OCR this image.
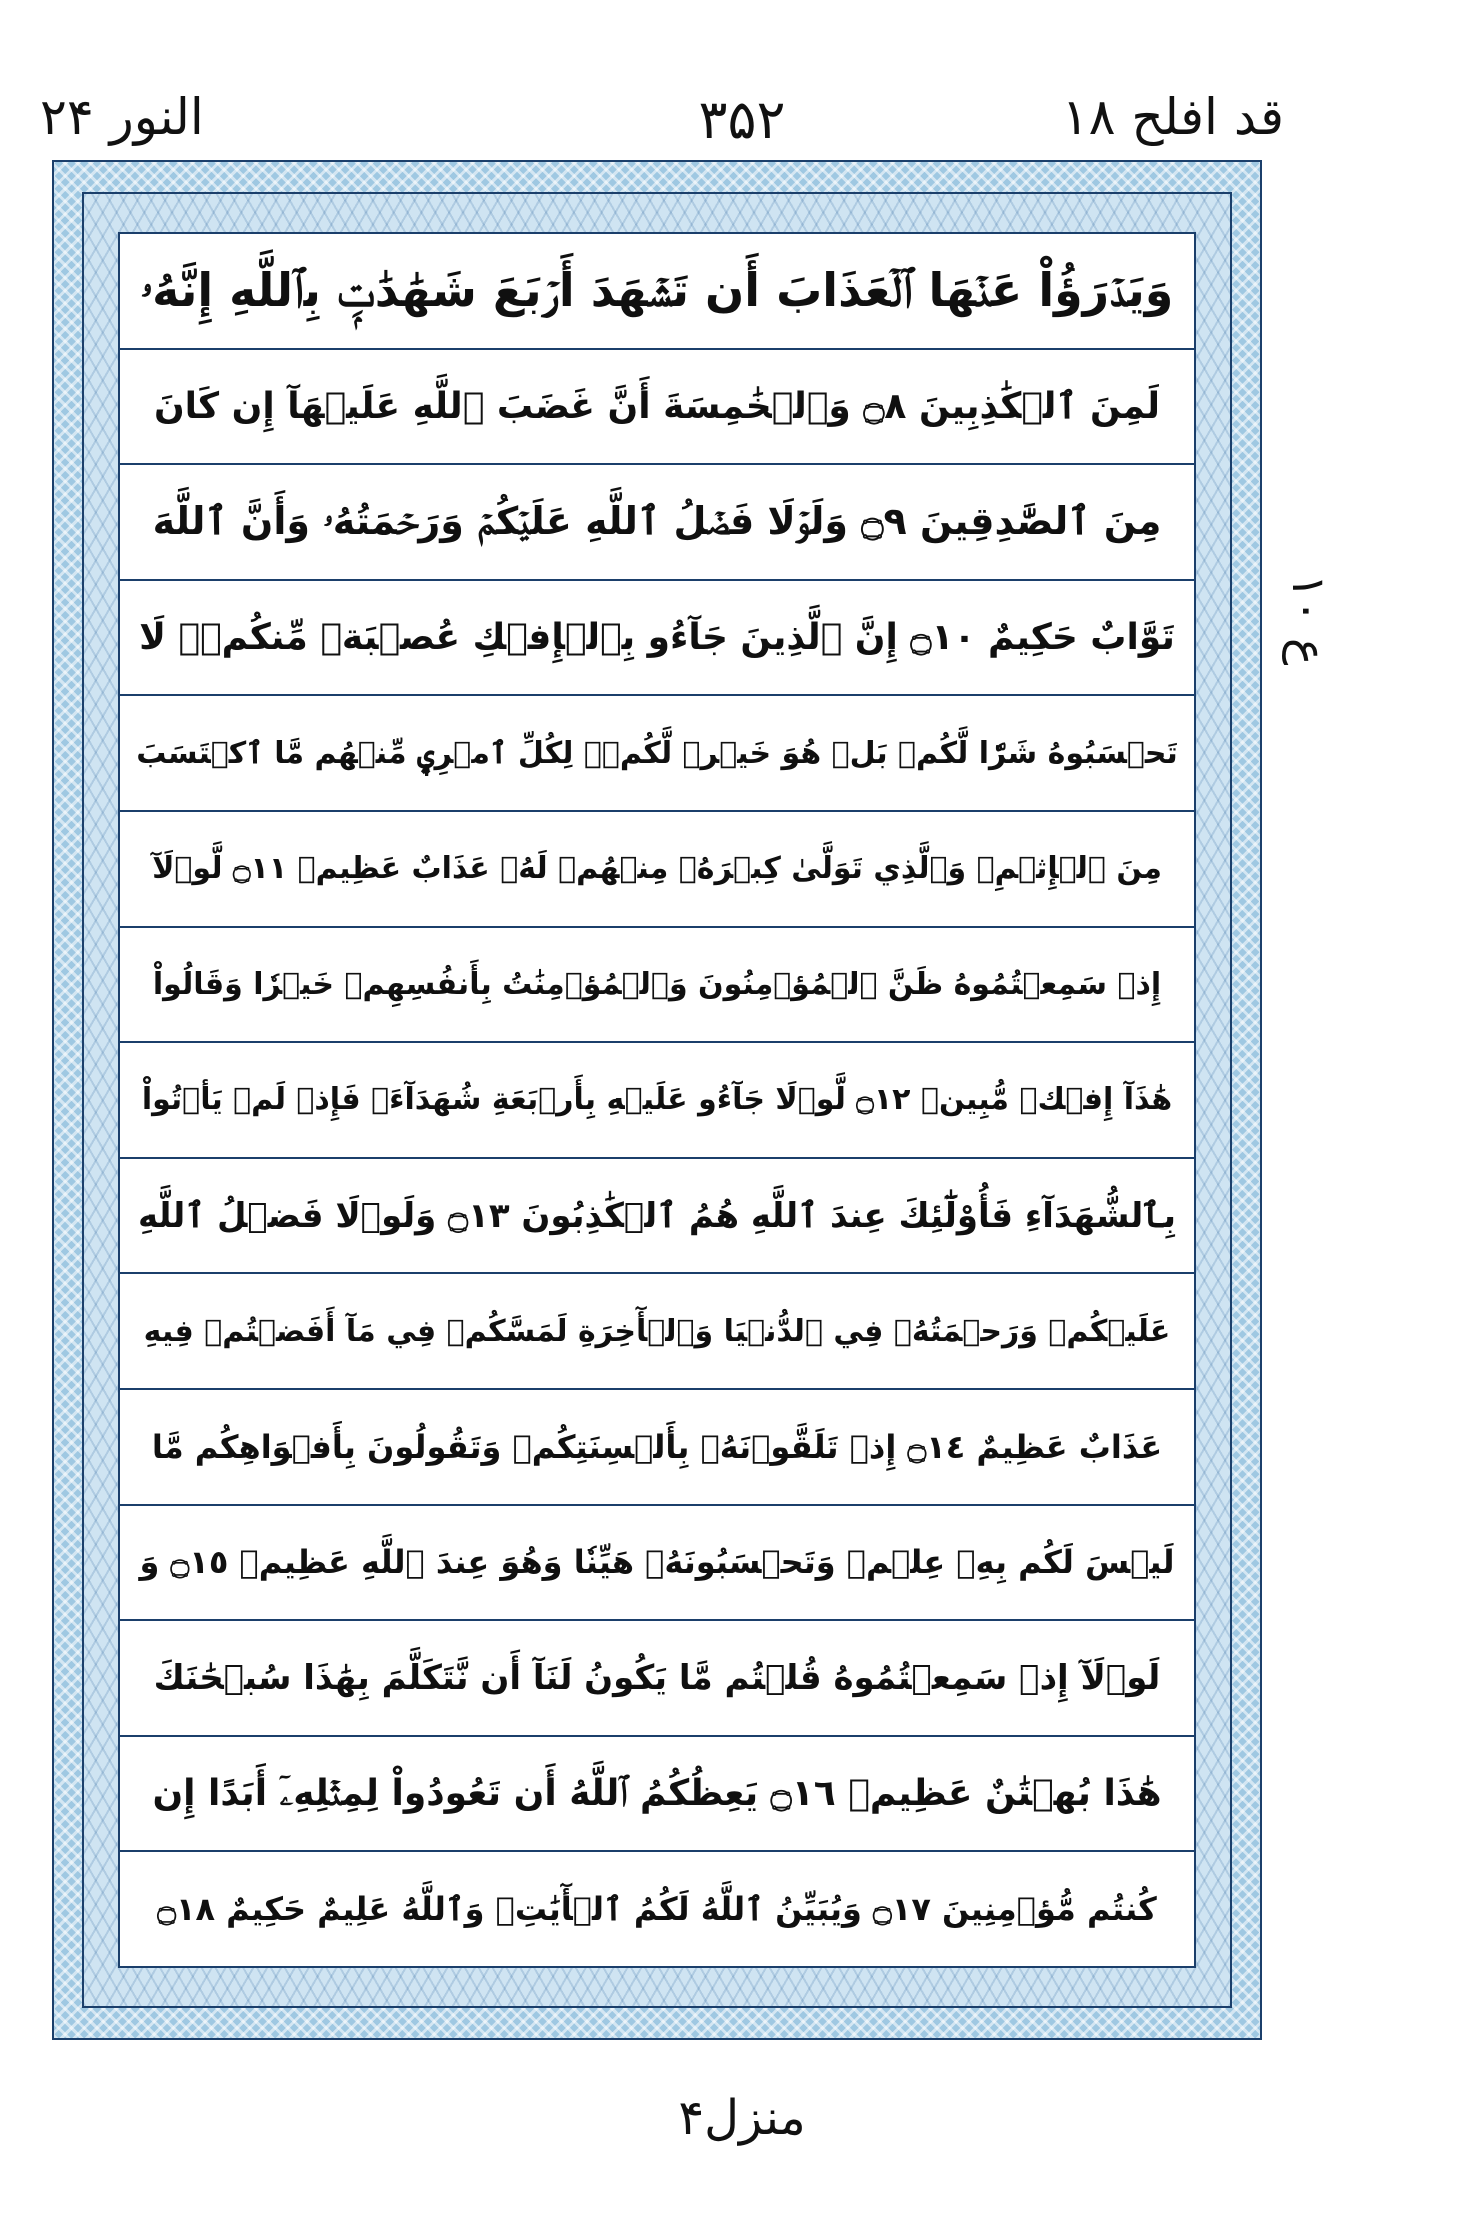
قد افلح ۱۸
۳۵۲
النور ۲۴
وَيَدۡرَؤُاْ عَنۡهَا ٱلۡعَذَابَ أَن تَشۡهَدَ أَرۡبَعَ شَهَٰدَٰتِۭ بِٱللَّهِ إِنَّهُۥ
لَمِنَ ٱلۡكَٰذِبِينَ ۝٨ وَٱلۡخَٰمِسَةَ أَنَّ غَضَبَ ٱللَّهِ عَلَيۡهَآ إِن كَانَ
مِنَ ٱلصَّٰدِقِينَ ۝٩ وَلَوۡلَا فَضۡلُ ٱللَّهِ عَلَيۡكُمۡ وَرَحۡمَتُهُۥ وَأَنَّ ٱللَّهَ
تَوَّابٌ حَكِيمٌ ۝١٠ إِنَّ ٱلَّذِينَ جَآءُو بِٱلۡإِفۡكِ عُصۡبَةٞ مِّنكُمۡۚ لَا
تَحۡسَبُوهُ شَرّٗا لَّكُمۖ بَلۡ هُوَ خَيۡرٞ لَّكُمۡۚ لِكُلِّ ٱمۡرِيٕٖ مِّنۡهُم مَّا ٱكۡتَسَبَ
مِنَ ٱلۡإِثۡمِۚ وَٱلَّذِي تَوَلَّىٰ كِبۡرَهُۥ مِنۡهُمۡ لَهُۥ عَذَابٌ عَظِيمٞ ۝١١ لَّوۡلَآ
إِذۡ سَمِعۡتُمُوهُ ظَنَّ ٱلۡمُؤۡمِنُونَ وَٱلۡمُؤۡمِنَٰتُ بِأَنفُسِهِمۡ خَيۡرٗا وَقَالُواْ
هَٰذَآ إِفۡكٞ مُّبِينٞ ۝١٢ لَّوۡلَا جَآءُو عَلَيۡهِ بِأَرۡبَعَةِ شُهَدَآءَۚ فَإِذۡ لَمۡ يَأۡتُواْ
بِٱلشُّهَدَآءِ فَأُوْلَٰٓئِكَ عِندَ ٱللَّهِ هُمُ ٱلۡكَٰذِبُونَ ۝١٣ وَلَوۡلَا فَضۡلُ ٱللَّهِ
عَلَيۡكُمۡ وَرَحۡمَتُهُۥ فِي ٱلدُّنۡيَا وَٱلۡأٓخِرَةِ لَمَسَّكُمۡ فِي مَآ أَفَضۡتُمۡ فِيهِ
عَذَابٌ عَظِيمٌ ۝١٤ إِذۡ تَلَقَّوۡنَهُۥ بِأَلۡسِنَتِكُمۡ وَتَقُولُونَ بِأَفۡوَاهِكُم مَّا
لَيۡسَ لَكُم بِهِۦ عِلۡمٞ وَتَحۡسَبُونَهُۥ هَيِّنٗا وَهُوَ عِندَ ٱللَّهِ عَظِيمٞ ۝١٥ وَ
لَوۡلَآ إِذۡ سَمِعۡتُمُوهُ قُلۡتُم مَّا يَكُونُ لَنَآ أَن نَّتَكَلَّمَ بِهَٰذَا سُبۡحَٰنَكَ
هَٰذَا بُهۡتَٰنٌ عَظِيمٞ ۝١٦ يَعِظُكُمُ ٱللَّهُ أَن تَعُودُواْ لِمِثۡلِهِۦٓ أَبَدًا إِن
كُنتُم مُّؤۡمِنِينَ ۝١٧ وَيُبَيِّنُ ٱللَّهُ لَكُمُ ٱلۡأٓيَٰتِۚ وَٱللَّهُ عَلِيمٌ حَكِيمٌ ۝١٨
ع ۱۰
منزل۴
